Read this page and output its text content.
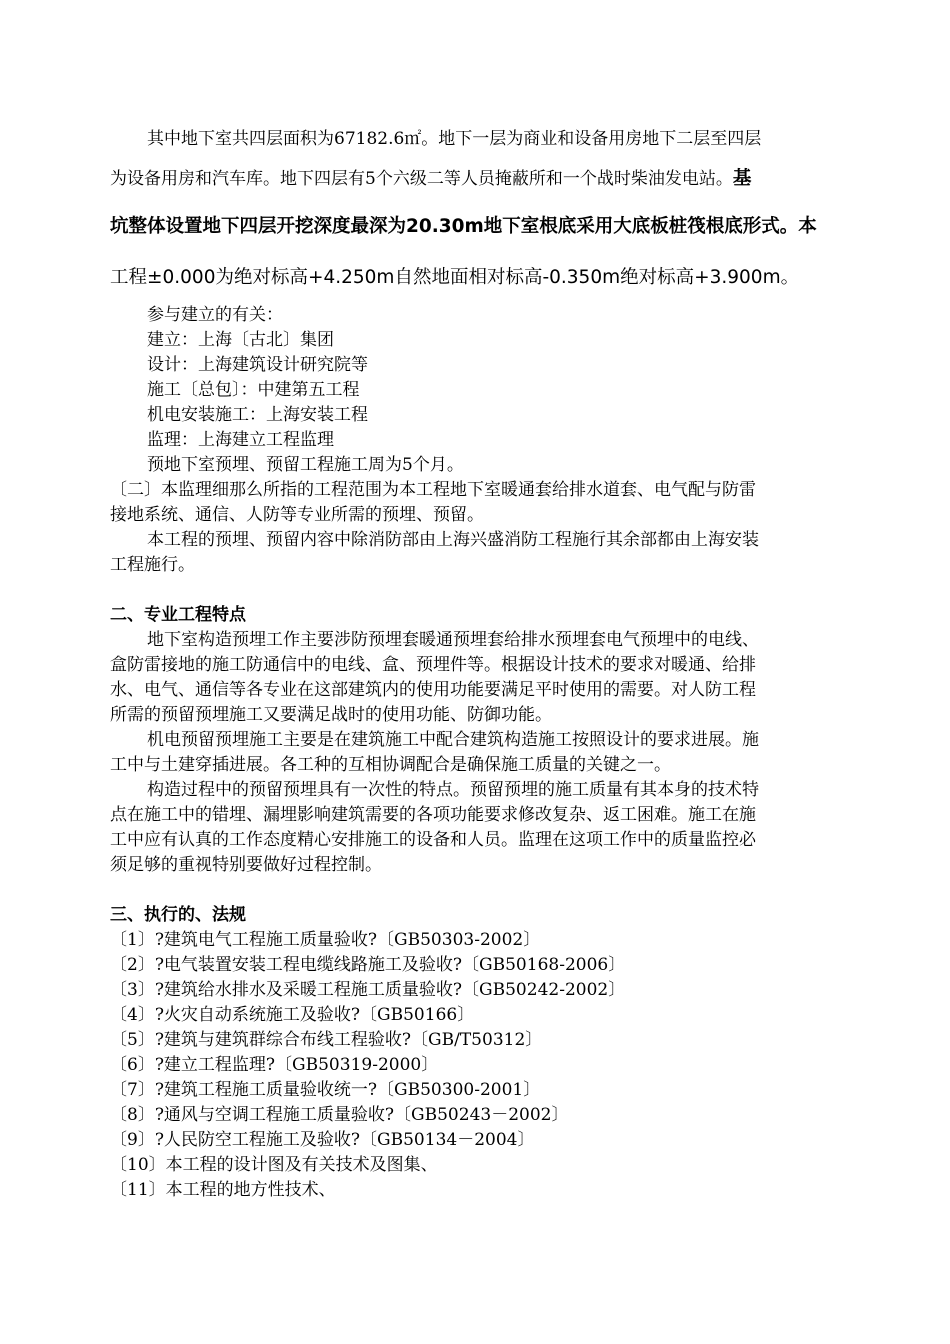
其中地下室共四层面积为67182.6㎡。地下一层为商业和设备用房地下二层至四层
为设备用房和汽车库。地下四层有5个六级二等人员掩蔽所和一个战时柴油发电站。基
坑整体设置地下四层开挖深度最深为20.30m地下室根底采用大底板桩筏根底形式。本
工程±0.000为绝对标高+4.250m自然地面相对标高-0.350m绝对标高+3.900m。
参与建立的有关：
建立：上海〔古北〕集团
设计：上海建筑设计研究院等
施工〔总包〕：中建第五工程
机电安装施工：上海安装工程
监理：上海建立工程监理
预地下室预埋、预留工程施工周为5个月。
〔二〕本监理细那么所指的工程范围为本工程地下室暖通套给排水道套、电气配与防雷
接地系统、通信、人防等专业所需的预埋、预留。
本工程的预埋、预留内容中除消防部由上海兴盛消防工程施行其余部都由上海安装
工程施行。
二、专业工程特点
地下室构造预埋工作主要涉防预埋套暖通预埋套给排水预埋套电气预埋中的电线、
盒防雷接地的施工防通信中的电线、盒、预埋件等。根据设计技术的要求对暖通、给排
水、电气、通信等各专业在这部建筑内的使用功能要满足平时使用的需要。对人防工程
所需的预留预埋施工又要满足战时的使用功能、防御功能。
机电预留预埋施工主要是在建筑施工中配合建筑构造施工按照设计的要求进展。施
工中与土建穿插进展。各工种的互相协调配合是确保施工质量的关键之一。
构造过程中的预留预埋具有一次性的特点。预留预埋的施工质量有其本身的技术特
点在施工中的错埋、漏埋影响建筑需要的各项功能要求修改复杂、返工困难。施工在施
工中应有认真的工作态度精心安排施工的设备和人员。监理在这项工作中的质量监控必
须足够的重视特别要做好过程控制。
三、执行的、法规
〔1〕?建筑电气工程施工质量验收?〔GB50303-2002〕
〔2〕?电气装置安装工程电缆线路施工及验收?〔GB50168-2006〕
〔3〕?建筑给水排水及采暖工程施工质量验收?〔GB50242-2002〕
〔4〕?火灾自动系统施工及验收?〔GB50166〕
〔5〕?建筑与建筑群综合布线工程验收?〔GB/T50312〕
〔6〕?建立工程监理?〔GB50319-2000〕
〔7〕?建筑工程施工质量验收统一?〔GB50300-2001〕
〔8〕?通风与空调工程施工质量验收?〔GB50243－2002〕
〔9〕?人民防空工程施工及验收?〔GB50134－2004〕
〔10〕本工程的设计图及有关技术及图集、
〔11〕本工程的地方性技术、
